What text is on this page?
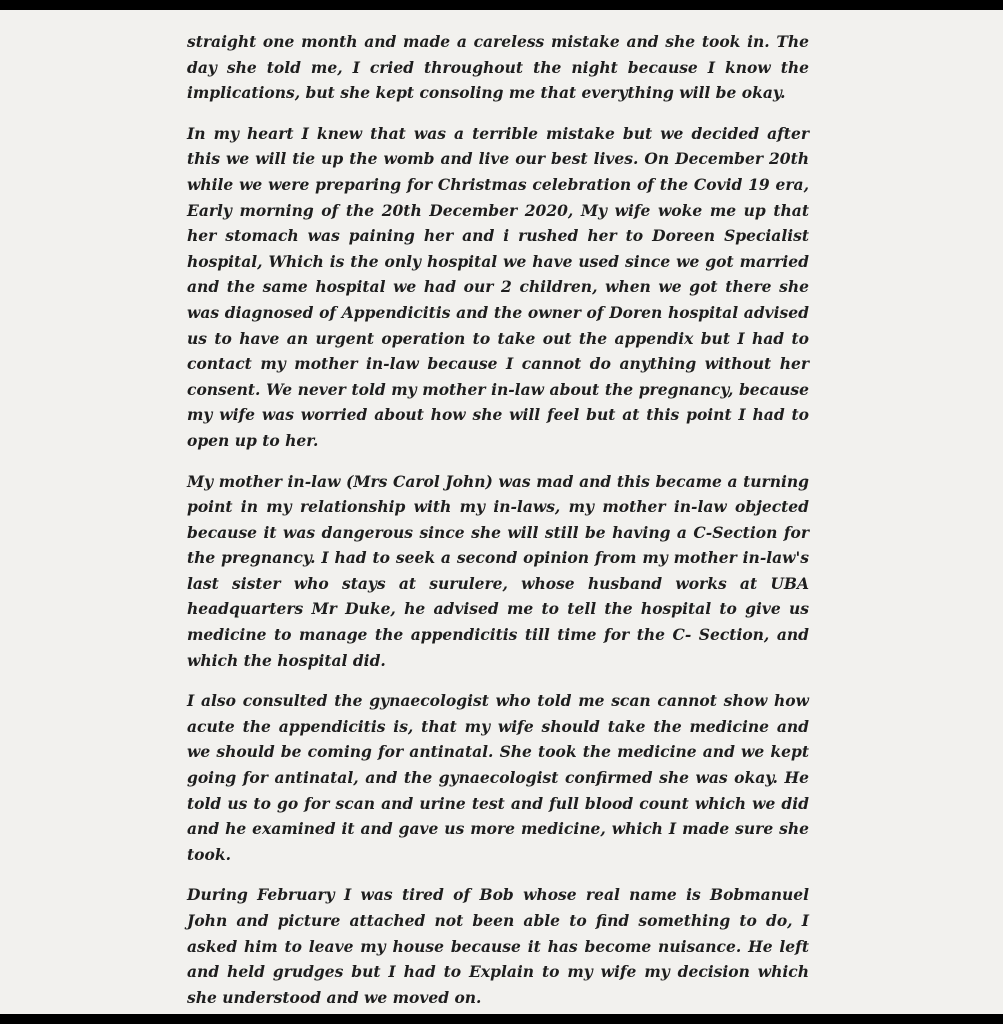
straight one month and made a careless mistake and she took in. The day she told me, I cried throughout the night because I know the implications, but she kept consoling me that everything will be okay.

In my heart I knew that was a terrible mistake but we decided after this we will tie up the womb and live our best lives. On December 20th while we were preparing for Christmas celebration of the Covid 19 era, Early morning of the 20th December 2020, My wife woke me up that her stomach was paining her and i rushed her to Doreen Specialist hospital, Which is the only hospital we have used since we got married and the same hospital we had our 2 children, when we got there she was diagnosed of Appendicitis and the owner of Doren hospital advised us to have an urgent operation to take out the appendix but I had to contact my mother in-law because I cannot do anything without her consent. We never told my mother in-law about the pregnancy, because my wife was worried about how she will feel but at this point I had to open up to her.

My mother in-law (Mrs Carol John) was mad and this became a turning point in my relationship with my in-laws, my mother in-law objected because it was dangerous since she will still be having a C-Section for the pregnancy. I had to seek a second opinion from my mother in-law's last sister who stays at surulere, whose husband works at UBA headquarters Mr Duke, he advised me to tell the hospital to give us medicine to manage the appendicitis till time for the C- Section, and which the hospital did.

I also consulted the gynaecologist who told me scan cannot show how acute the appendicitis is, that my wife should take the medicine and we should be coming for antinatal. She took the medicine and we kept going for antinatal, and the gynaecologist confirmed she was okay. He told us to go for scan and urine test and full blood count which we did and he examined it and gave us more medicine, which I made sure she took.

During February I was tired of Bob whose real name is Bobmanuel John and picture attached not been able to find something to do, I asked him to leave my house because it has become nuisance. He left and held grudges but I had to Explain to my wife my decision which she understood and we moved on.
